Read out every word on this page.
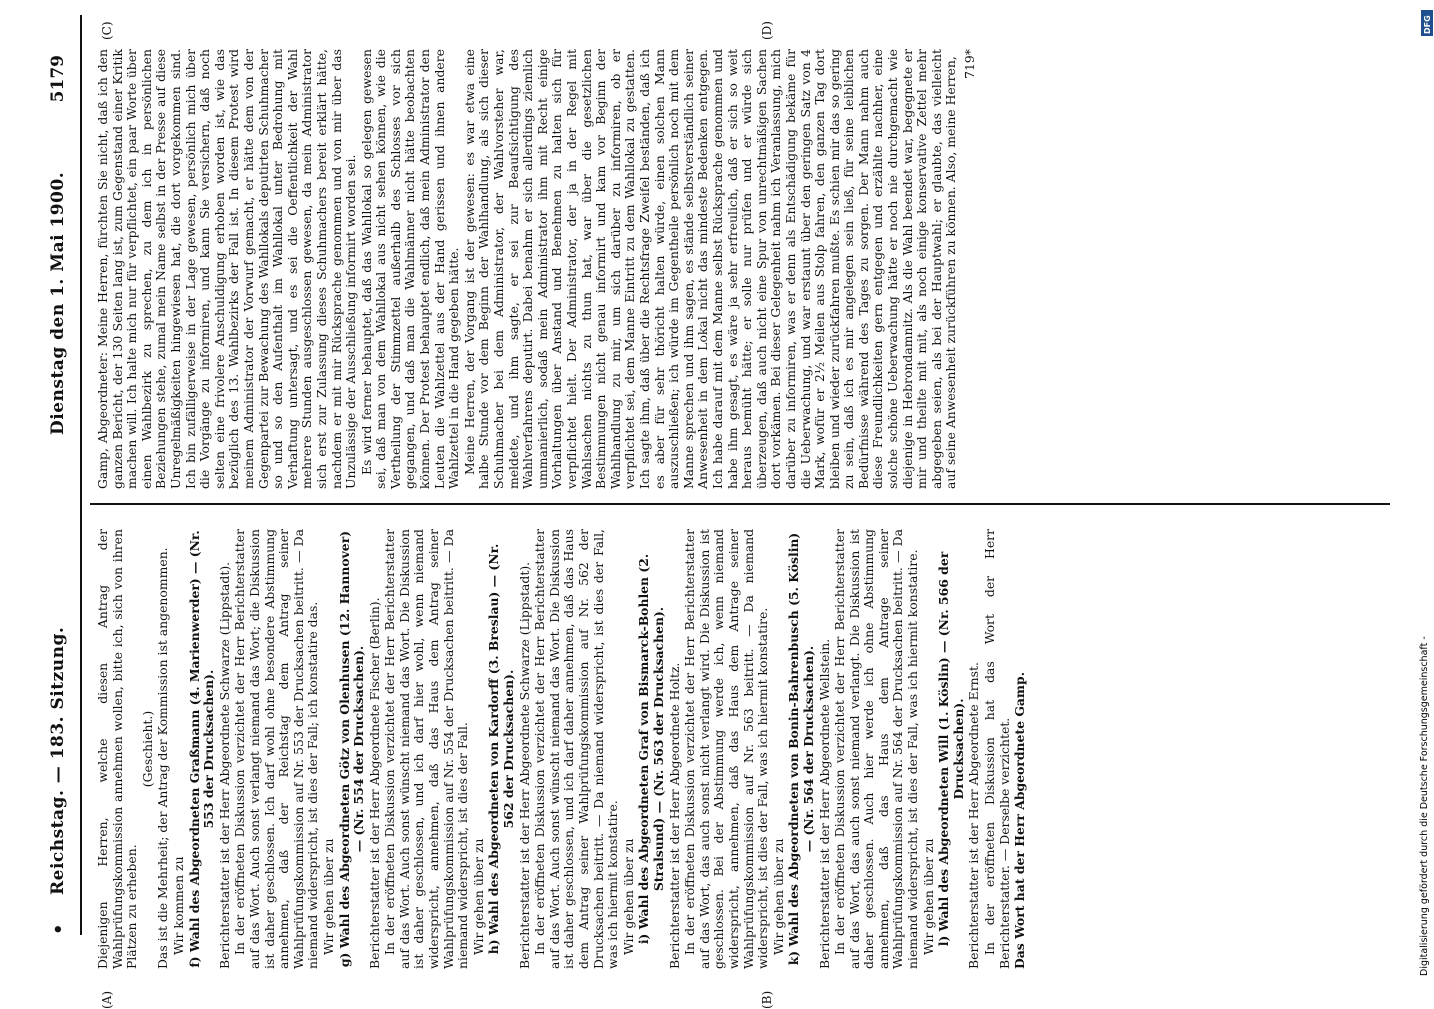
•
Reichstag. — 183. Sitzung.
Dienstag den 1. Mai 1900.
5179
(A)	(B)
(C)	(D)

Diejenigen Herren, welche diesen Antrag der Wahlprüfungskommission annehmen wollen, bitte ich, sich von ihren Plätzen zu erheben.

(Geschieht.) Das ist die Mehrheit; der Antrag der Kommission ist angenommen. Wir kommen zu f) Wahl des Abgeordneten Graßmann (4. Marienwerder) — (Nr. 553 der Drucksachen). Berichterstatter ist der Herr Abgeordnete Schwarze (Lippstadt). In der eröffneten Diskussion verzichtet der Herr Berichterstatter auf das Wort. Auch sonst verlangt niemand das Wort; die Diskussion ist daher geschlossen. Ich darf wohl ohne besondere Abstimmung annehmen, daß der Reichstag dem Antrag seiner Wahlprüfungskommission auf Nr. 553 der Drucksachen beitritt. — Da niemand widerspricht, ist dies der Fall; ich konstatire das. Wir gehen über zu g) Wahl des Abgeordneten Götz von Olenhusen (12. Hannover) — (Nr. 554 der Drucksachen). Berichterstatter ist der Herr Abgeordnete Fischer (Berlin). In der eröffneten Diskussion verzichtet der Herr Berichterstatter auf das Wort. Auch sonst wünscht niemand das Wort. Die Diskussion ist daher geschlossen, und ich darf hier wohl, wenn niemand widerspricht, annehmen, daß das Haus dem Antrag seiner Wahlprüfungskommission auf Nr. 554 der Drucksachen beitritt. — Da niemand widerspricht, ist dies der Fall. Wir gehen über zu h) Wahl des Abgeordneten von Kardorff (3. Breslau) — (Nr. 562 der Drucksachen). Berichterstatter ist der Herr Abgeordnete Schwarze (Lippstadt). In der eröffneten Diskussion verzichtet der Herr Berichterstatter auf das Wort. Auch sonst wünscht niemand das Wort. Die Diskussion ist daher geschlossen, und ich darf daher annehmen, daß das Haus dem Antrag seiner Wahlprüfungskommission auf Nr. 562 der Drucksachen beitritt. — Da niemand widerspricht, ist dies der Fall, was ich hiermit konstatire. Wir gehen über zu i) Wahl des Abgeordneten Graf von Bismarck-Bohlen (2. Stralsund) — (Nr. 563 der Drucksachen). Berichterstatter ist der Herr Abgeordnete Holtz. In der eröffneten Diskussion verzichtet der Herr Berichterstatter auf das Wort, das auch sonst nicht verlangt wird. Die Diskussion ist geschlossen. Bei der Abstimmung werde ich, wenn niemand widerspricht, annehmen, daß das Haus dem Antrage seiner Wahlprüfungskommission auf Nr. 563 beitritt. — Da niemand widerspricht, ist dies der Fall, was ich hiermit konstatire. Wir gehen über zu k) Wahl des Abgeordneten von Bonin-Bahrenbusch (5. Köslin) — (Nr. 564 der Drucksachen). Berichterstatter ist der Herr Abgeordnete Wellstein. In der eröffneten Diskussion verzichtet der Herr Berichterstatter auf das Wort, das auch sonst niemand verlangt. Die Diskussion ist daher geschlossen. Auch hier werde ich ohne Abstimmung annehmen, daß das Haus dem Antrage seiner Wahlprüfungskommission auf Nr. 564 der Drucksachen beitritt. — Da niemand widerspricht, ist dies der Fall, was ich hiermit konstatire. Wir gehen über zu l) Wahl des Abgeordneten Will (1. Köslin) — (Nr. 566 der Drucksachen). Berichterstatter ist der Herr Abgeordnete Ernst. In der eröffneten Diskussion hat das Wort der Herr Berichterstatter. — Derselbe verzichtet. Das Wort hat der Herr Abgeordnete Gamp.

Gamp, Abgeordneter: Meine Herren, fürchten Sie nicht, daß ich den ganzen Bericht, der 130 Seiten lang ist, zum Gegenstand einer Kritik machen will. Ich halte mich nur für verpflichtet, ein paar Worte über einen Wahlbezirk zu sprechen, zu dem ich in persönlichen Beziehungen stehe, zumal mein Name selbst in der Presse auf diese Unregelmäßigkeiten hingewiesen hat, die dort vorgekommen sind. Ich bin zufälligerweise in der Lage gewesen, persönlich mich über die Vorgänge zu informiren, und kann Sie versichern, daß noch selten eine frivolere Anschuldigung erhoben worden ist, wie das bezüglich des 13. Wahlbezirks der Fall ist. In diesem Protest wird meinem Administrator der Vorwurf gemacht, er hätte dem von der Gegenpartei zur Bewachung des Wahllokals deputirten Schuhmacher so und so den Aufenthalt im Wahllokal unter Bedrohung mit Verhaftung untersagt, und es sei die Oeffentlichkeit der Wahl mehrere Stunden ausgeschlossen gewesen, da mein Administrator sich erst zur Zulassung dieses Schuhmachers bereit erklärt hätte, nachdem er mit mir Rücksprache genommen und von mir über das Unzulässige der Ausschließung informirt worden sei. Es wird ferner behauptet, daß das Wahllokal so gelegen gewesen sei, daß man von dem Wahllokal aus nicht sehen können, wie die Vertheilung der Stimmzettel außerhalb des Schlosses vor sich gegangen, und daß man die Wahlmänner nicht hätte beobachten können. Der Protest behauptet endlich, daß mein Administrator den Leuten die Wahlzettel aus der Hand gerissen und ihnen andere Wahlzettel in die Hand gegeben hätte. Meine Herren, der Vorgang ist der gewesen: es war etwa eine halbe Stunde vor dem Beginn der Wahlhandlung, als sich dieser Schuhmacher bei dem Administrator, der Wahlvorsteher war, meldete, und ihm sagte, er sei zur Beaufsichtigung des Wahlverfahrens deputirt. Dabei benahm er sich allerdings ziemlich ummanierlich, sodaß mein Administrator ihm mit Recht einige Vorhaltungen über Anstand und Benehmen zu halten sich für verpflichtet hielt. Der Administrator, der ja in der Regel mit Wahlsachen nichts zu thun hat, war über die gesetzlichen Bestimmungen nicht genau informirt und kam vor Beginn der Wahlhandlung zu mir, um sich darüber zu informiren, ob er verpflichtet sei, dem Manne Eintritt zu dem Wahllokal zu gestatten. Ich sagte ihm, daß über die Rechtsfrage Zweifel beständen, daß ich es aber für sehr thöricht halten würde, einen solchen Mann auszuschließen; ich würde im Gegentheile persönlich noch mit dem Manne sprechen und ihm sagen, es stände selbstverständlich seiner Anwesenheit in dem Lokal nicht das mindeste Bedenken entgegen. Ich habe darauf mit dem Manne selbst Rücksprache genommen und habe ihm gesagt, es wäre ja sehr erfreulich, daß er sich so weit heraus bemüht hätte; er solle nur prüfen und er würde sich überzeugen, daß auch nicht eine Spur von unrechtmäßigen Sachen dort vorkämen. Bei dieser Gelegenheit nahm ich Veranlassung, mich darüber zu informiren, was er denn als Entschädigung bekäme für die Ueberwachung, und war erstaunt über den geringen Satz von 4 Mark, wofür er 2½ Meilen aus Stolp fahren, den ganzen Tag dort bleiben und wieder zurückfahren mußte. Es schien mir das so gering zu sein, daß ich es mir angelegen sein ließ, für seine leiblichen Bedürfnisse während des Tages zu sorgen. Der Mann nahm auch diese Freundlichkeiten gern entgegen und erzählte nachher, eine solche schöne Ueberwachung hätte er noch nie durchgemacht wie diejenige in Hebrondamnitz. Als die Wahl beendet war, begegnete er mir und theilte mit mit, als noch einige konservative Zettel mehr abgegeben seien, als bei der Hauptwahl; er glaubte, das vielleicht auf seine Anwesenheit zurückführen zu können. Also, meine Herren, 719*

DFG
Digitalisierung gefördert durch die Deutsche Forschungsgemeinschaft -
